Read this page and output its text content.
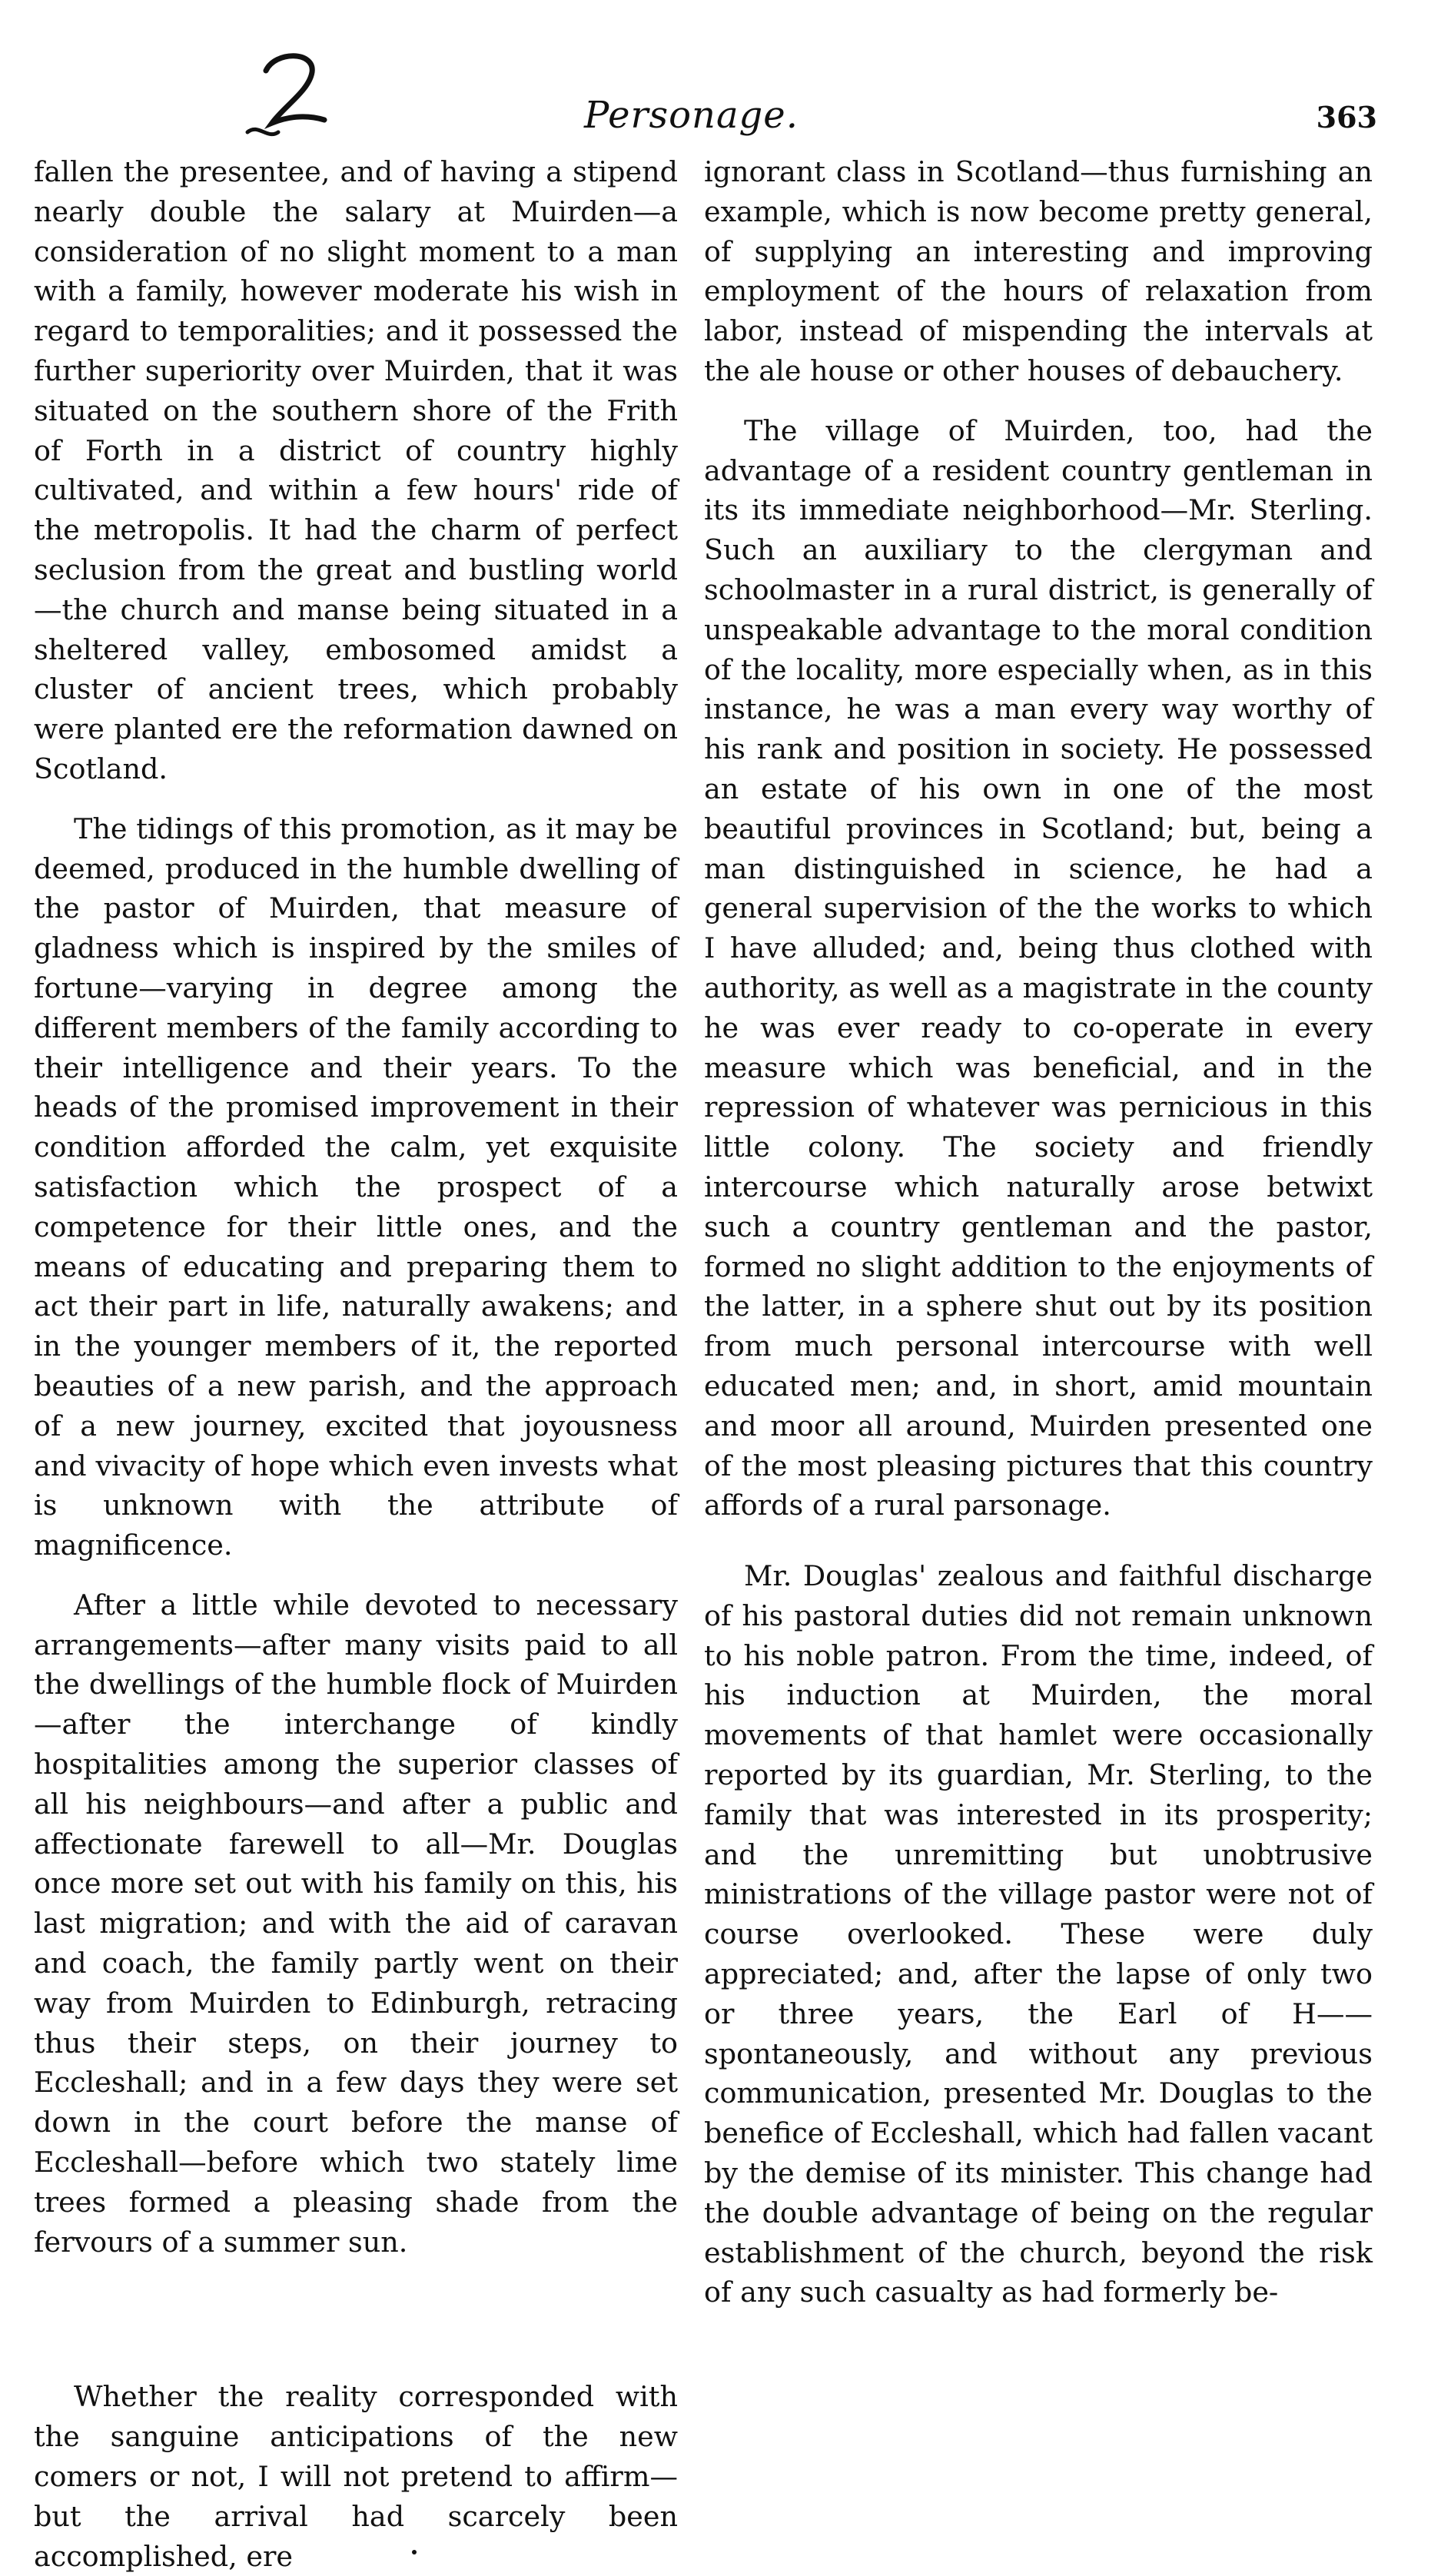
Personage.	363

fallen the presentee, and of having a stipend nearly double the salary at Muirden—a consideration of no slight moment to a man with a family, however moderate his wish in regard to temporalities; and it possessed the further superiority over Muirden, that it was situated on the southern shore of the Frith of Forth in a district of country highly cultivated, and within a few hours' ride of the metropolis. It had the charm of perfect seclusion from the great and bustling world—the church and manse being situated in a sheltered valley, embosomed amidst a cluster of ancient trees, which probably were planted ere the reformation dawned on Scotland.

The tidings of this promotion, as it may be deemed, produced in the humble dwelling of the pastor of Muirden, that measure of gladness which is inspired by the smiles of fortune—varying in degree among the different members of the family according to their intelligence and their years. To the heads of the promised improvement in their condition afforded the calm, yet exquisite satisfaction which the prospect of a competence for their little ones, and the means of educating and preparing them to act their part in life, naturally awakens; and in the younger members of it, the reported beauties of a new parish, and the approach of a new journey, excited that joyousness and vivacity of hope which even invests what is unknown with the attribute of magnificence.

After a little while devoted to necessary arrangements—after many visits paid to all the dwellings of the humble flock of Muirden—after the interchange of kindly hospitalities among the superior classes of all his neighbours—and after a public and affectionate farewell to all—Mr. Douglas once more set out with his family on this, his last migration; and with the aid of caravan and coach, the family partly went on their way from Muirden to Edinburgh, retracing thus their steps, on their journey to Eccleshall; and in a few days they were set down in the court before the manse of Eccleshall—before which two stately lime trees formed a pleasing shade from the fervours of a summer sun.

Whether the reality corresponded with the sanguine anticipations of the new comers or not, I will not pretend to affirm—but the arrival had scarcely been accomplished, ere

ignorant class in Scotland—thus furnishing an example, which is now become pretty general, of supplying an interesting and improving employment of the hours of relaxation from labor, instead of mispending the intervals at the ale house or other houses of debauchery.

The village of Muirden, too, had the advantage of a resident country gentleman in its its immediate neighborhood—Mr. Sterling. Such an auxiliary to the clergyman and schoolmaster in a rural district, is generally of unspeakable advantage to the moral condition of the locality, more especially when, as in this instance, he was a man every way worthy of his rank and position in society. He possessed an estate of his own in one of the most beautiful provinces in Scotland; but, being a man distinguished in science, he had a general supervision of the the works to which I have alluded; and, being thus clothed with authority, as well as a magistrate in the county he was ever ready to co-operate in every measure which was beneficial, and in the repression of whatever was pernicious in this little colony. The society and friendly intercourse which naturally arose betwixt such a country gentleman and the pastor, formed no slight addition to the enjoyments of the latter, in a sphere shut out by its position from much personal intercourse with well educated men; and, in short, amid mountain and moor all around, Muirden presented one of the most pleasing pictures that this country affords of a rural parsonage.

Mr. Douglas' zealous and faithful discharge of his pastoral duties did not remain unknown to his noble patron. From the time, indeed, of his induction at Muirden, the moral movements of that hamlet were occasionally reported by its guardian, Mr. Sterling, to the family that was interested in its prosperity; and the unremitting but unobtrusive ministrations of the village pastor were not of course overlooked. These were duly appreciated; and, after the lapse of only two or three years, the Earl of H—— spontaneously, and without any previous communication, presented Mr. Douglas to the benefice of Eccleshall, which had fallen vacant by the demise of its minister. This change had the double advantage of being on the regular establishment of the church, beyond the risk of any such casualty as had formerly be-
